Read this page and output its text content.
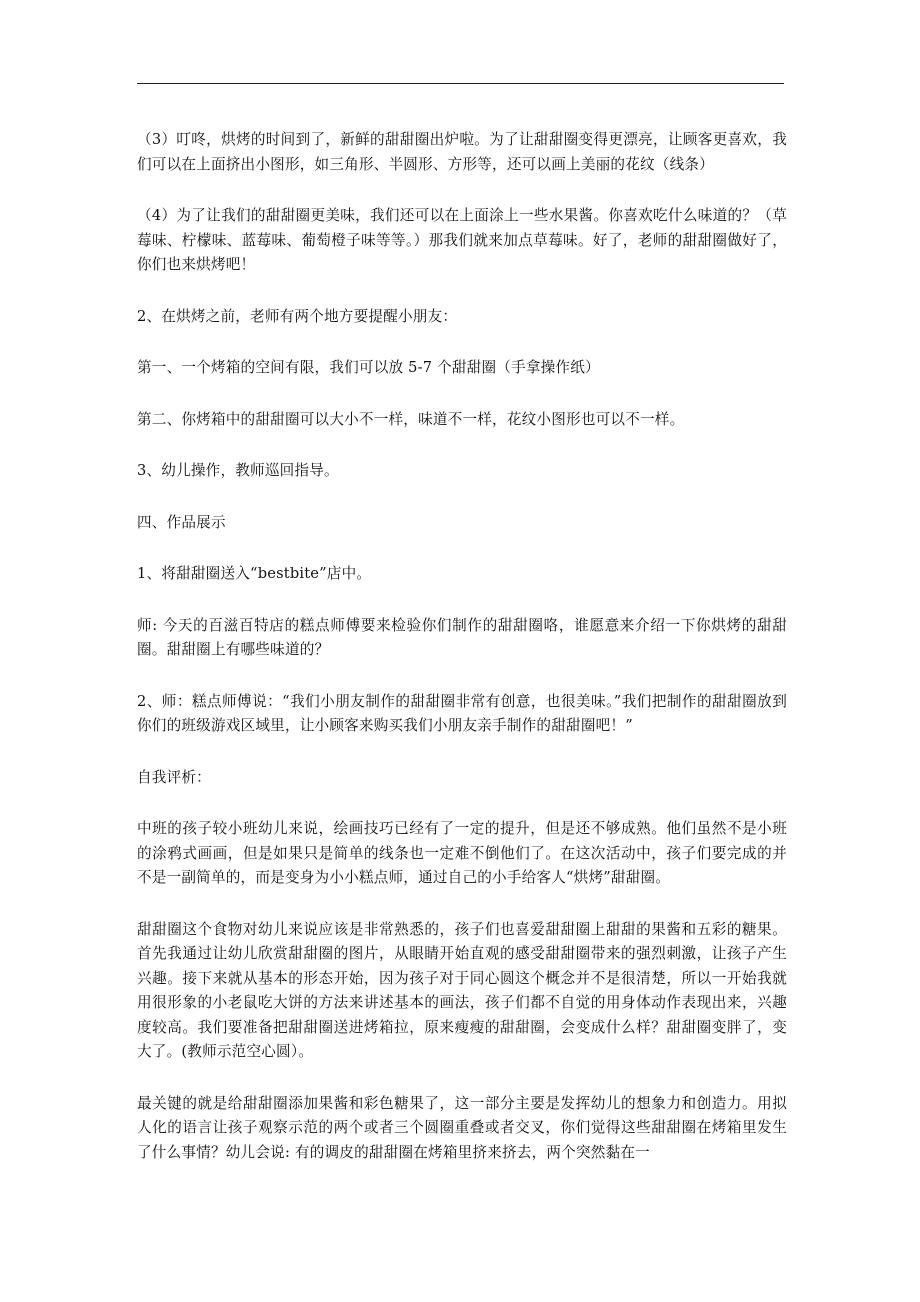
（3）叮咚，烘烤的时间到了，新鲜的甜甜圈出炉啦。为了让甜甜圈变得更漂亮，让顾客更喜欢，我们可以在上面挤出小图形，如三角形、半圆形、方形等，还可以画上美丽的花纹（线条）

（4）为了让我们的甜甜圈更美味，我们还可以在上面涂上一些水果酱。你喜欢吃什么味道的？（草莓味、柠檬味、蓝莓味、葡萄橙子味等等。）那我们就来加点草莓味。好了，老师的甜甜圈做好了，你们也来烘烤吧！

2、在烘烤之前，老师有两个地方要提醒小朋友：

第一、一个烤箱的空间有限，我们可以放 5-7 个甜甜圈（手拿操作纸）

第二、你烤箱中的甜甜圈可以大小不一样，味道不一样，花纹小图形也可以不一样。

3、幼儿操作，教师巡回指导。

四、作品展示

1、将甜甜圈送入“bestbite”店中。

师: 今天的百滋百特店的糕点师傅要来检验你们制作的甜甜圈咯，谁愿意来介绍一下你烘烤的甜甜圈。甜甜圈上有哪些味道的？

2、师：糕点师傅说：“我们小朋友制作的甜甜圈非常有创意，也很美味。”我们把制作的甜甜圈放到你们的班级游戏区域里，让小顾客来购买我们小朋友亲手制作的甜甜圈吧！”

自我评析：

中班的孩子较小班幼儿来说，绘画技巧已经有了一定的提升，但是还不够成熟。他们虽然不是小班的涂鸦式画画，但是如果只是简单的线条也一定难不倒他们了。在这次活动中，孩子们要完成的并不是一副简单的，而是变身为小小糕点师，通过自己的小手给客人“烘烤”甜甜圈。

甜甜圈这个食物对幼儿来说应该是非常熟悉的，孩子们也喜爱甜甜圈上甜甜的果酱和五彩的糖果。首先我通过让幼儿欣赏甜甜圈的图片，从眼睛开始直观的感受甜甜圈带来的强烈刺激，让孩子产生兴趣。接下来就从基本的形态开始，因为孩子对于同心圆这个概念并不是很清楚，所以一开始我就用很形象的小老鼠吃大饼的方法来讲述基本的画法，孩子们都不自觉的用身体动作表现出来，兴趣度较高。我们要准备把甜甜圈送进烤箱拉，原来瘦瘦的甜甜圈，会变成什么样？甜甜圈变胖了，变大了。(教师示范空心圆）。

最关键的就是给甜甜圈添加果酱和彩色糖果了，这一部分主要是发挥幼儿的想象力和创造力。用拟人化的语言让孩子观察示范的两个或者三个圆圈重叠或者交叉，你们觉得这些甜甜圈在烤箱里发生了什么事情？幼儿会说: 有的调皮的甜甜圈在烤箱里挤来挤去，两个突然黏在一
